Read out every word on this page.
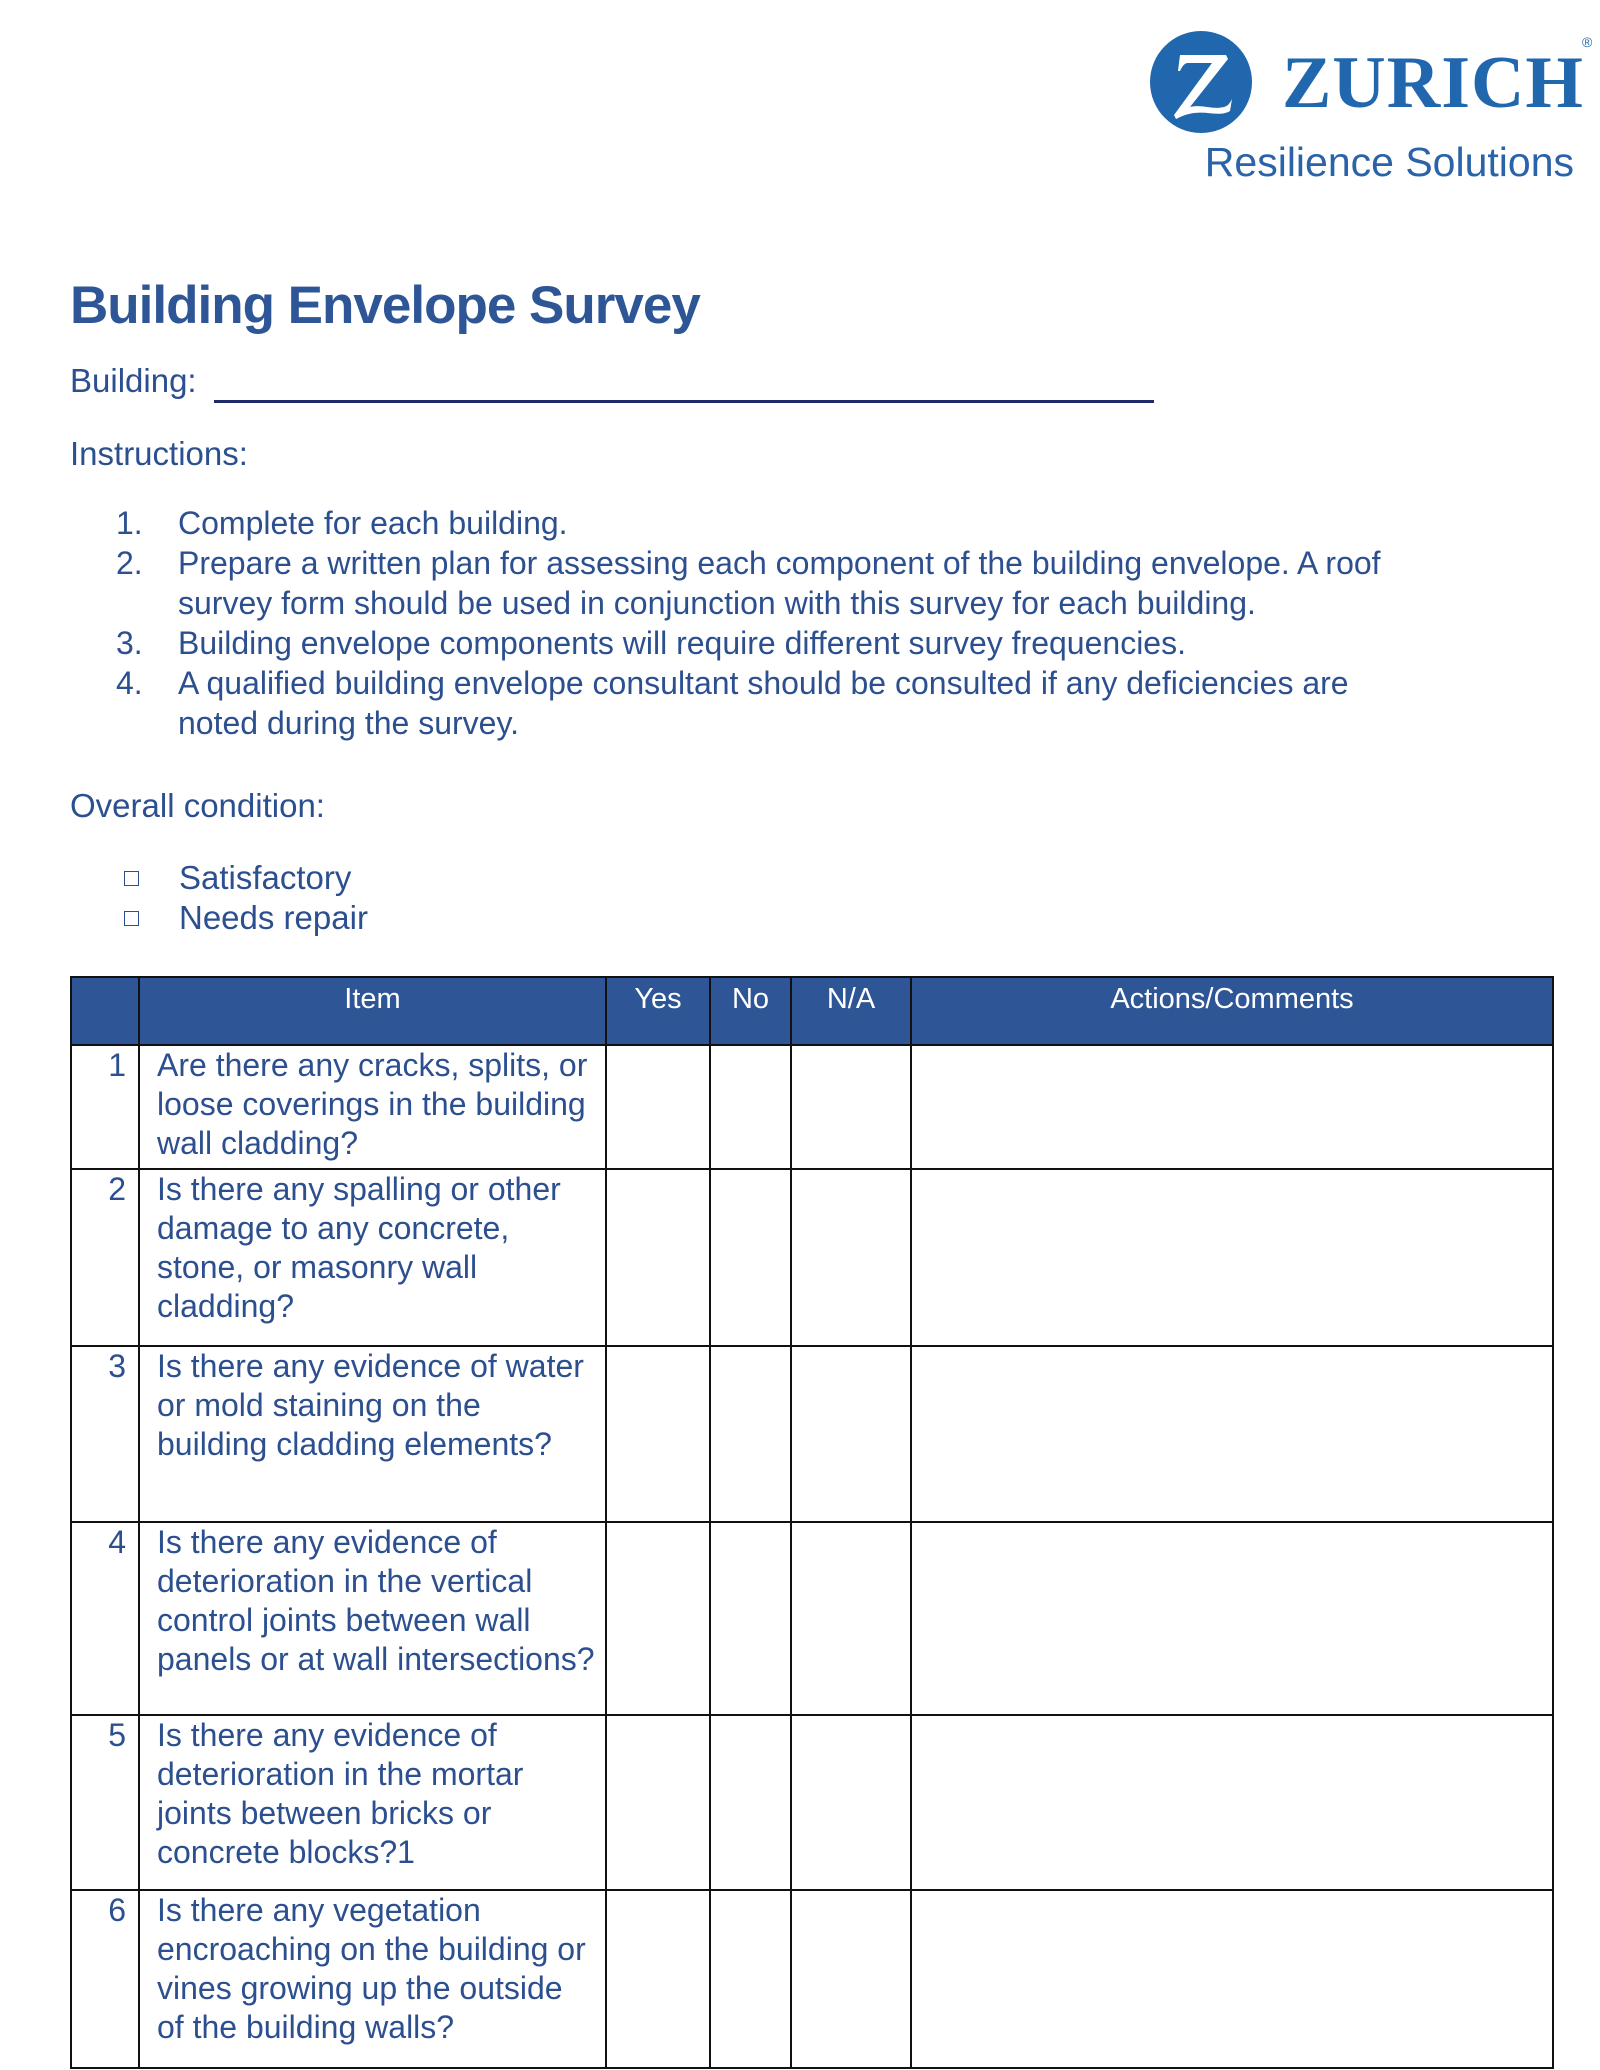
ZURICH
®
Resilience Solutions
Building Envelope Survey
Building:
Instructions:
1.	Complete for each building.
2.	Prepare a written plan for assessing each component of the building envelope. A roof survey form should be used in conjunction with this survey for each building.
3.	Building envelope components will require different survey frequencies.
4.	A qualified building envelope consultant should be consulted if any deficiencies are noted during the survey.
Overall condition:
Satisfactory
Needs repair
	Item	Yes	No	N/A	Actions/Comments
1	Are there any cracks, splits, or loose coverings in the building wall cladding?				
2	Is there any spalling or other damage to any concrete, stone, or masonry wall cladding?				
3	Is there any evidence of water or mold staining on the building cladding elements?				
4	Is there any evidence of deterioration in the vertical control joints between wall panels or at wall intersections?				
5	Is there any evidence of deterioration in the mortar joints between bricks or concrete blocks?1				
6	Is there any vegetation encroaching on the building or vines growing up the outside of the building walls?				
